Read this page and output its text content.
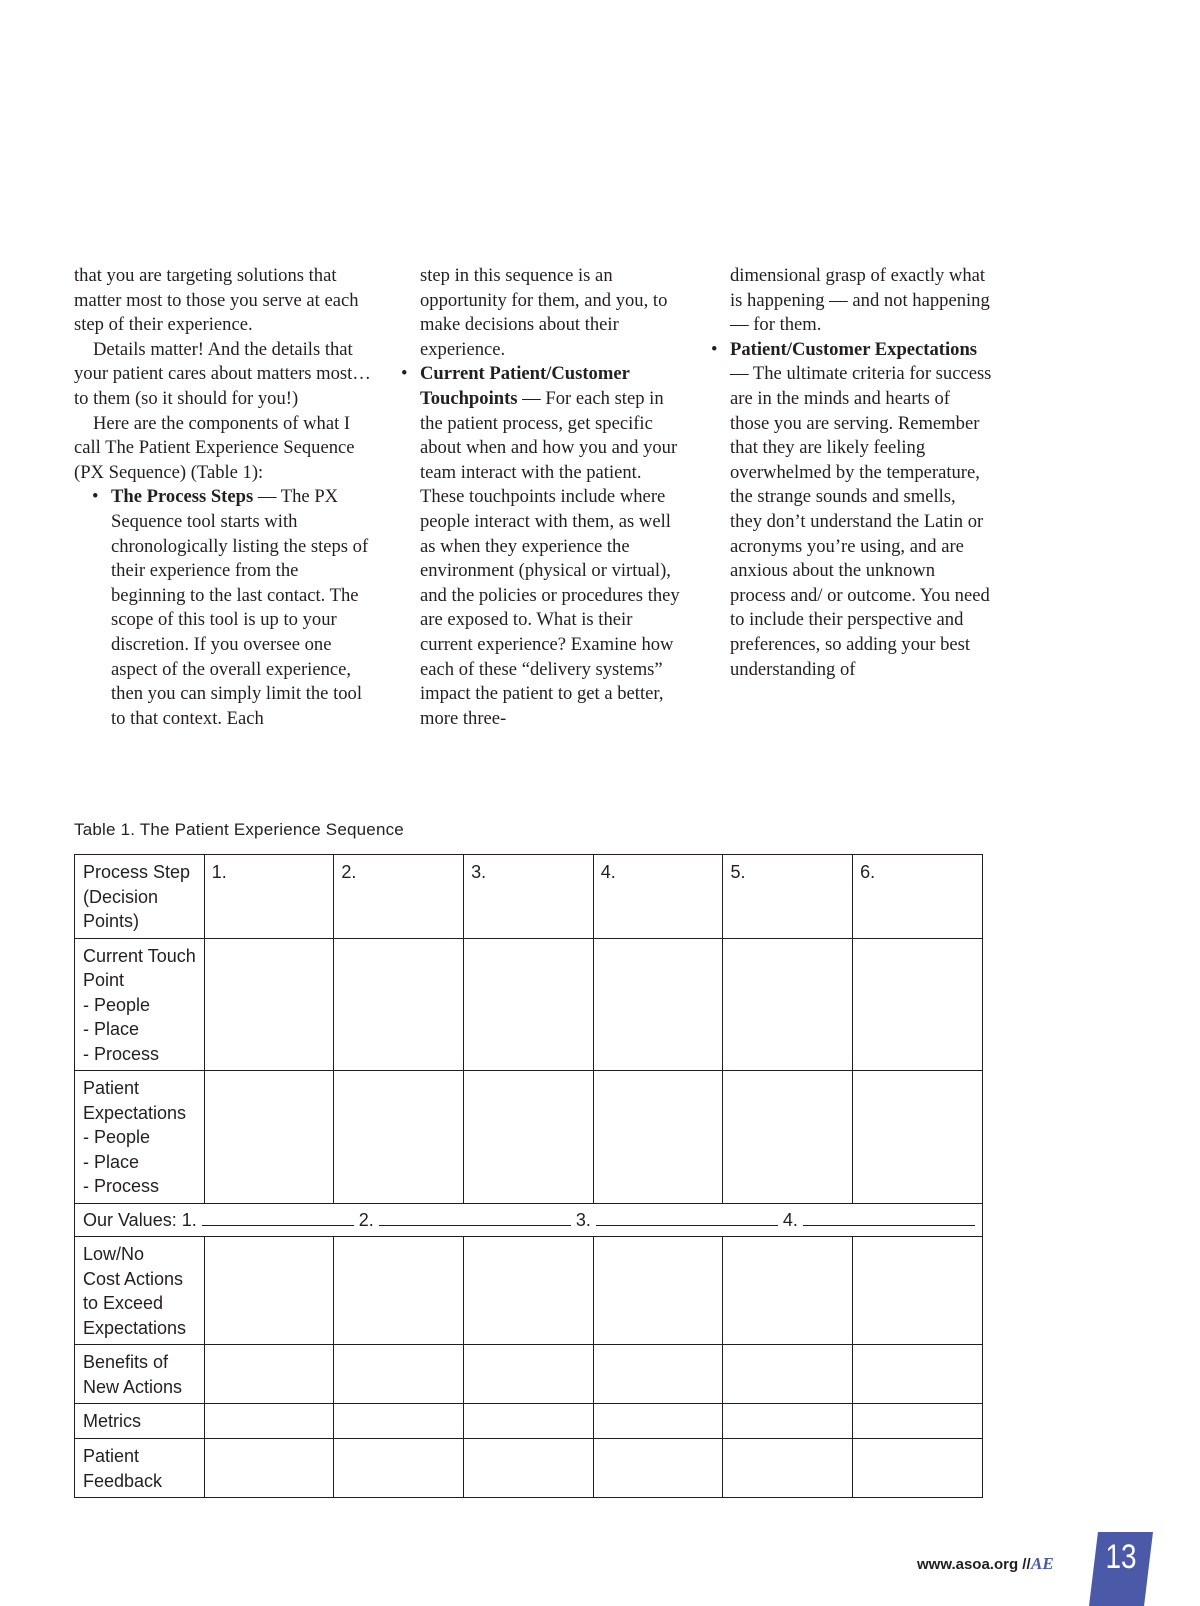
that you are targeting solutions that matter most to those you serve at each step of their experience.

Details matter! And the details that your patient cares about matters most…to them (so it should for you!)

Here are the components of what I call The Patient Experience Sequence (PX Sequence) (Table 1):

• The Process Steps — The PX Sequence tool starts with chronologically listing the steps of their experience from the beginning to the last contact. The scope of this tool is up to your discretion. If you oversee one aspect of the overall experience, then you can simply limit the tool to that context. Each

step in this sequence is an opportunity for them, and you, to make decisions about their experience.

• Current Patient/Customer Touchpoints — For each step in the patient process, get specific about when and how you and your team interact with the patient. These touchpoints include where people interact with them, as well as when they experience the environment (physical or virtual), and the policies or procedures they are exposed to. What is their current experience? Examine how each of these “delivery systems” impact the patient to get a better, more three-

dimensional grasp of exactly what is happening — and not happening — for them.

• Patient/Customer Expectations — The ultimate criteria for success are in the minds and hearts of those you are serving. Remember that they are likely feeling overwhelmed by the temperature, the strange sounds and smells, they don’t understand the Latin or acronyms you’re using, and are anxious about the unknown process and/ or outcome. You need to include their perspective and preferences, so adding your best understanding of

Table 1. The Patient Experience Sequence
Process Step
(Decision
Points)	1.	2.	3.	4.	5.	6.

Current Touch
Point
- People
- Place
- Process						

Patient
Expectations
- People
- Place
- Process						

Our Values: 1. 2. 3. 4.						

Low/No
Cost Actions
to Exceed
Expectations						

Benefits of
New Actions						

Metrics						

Patient
Feedback						

www.asoa.org // AE	13
